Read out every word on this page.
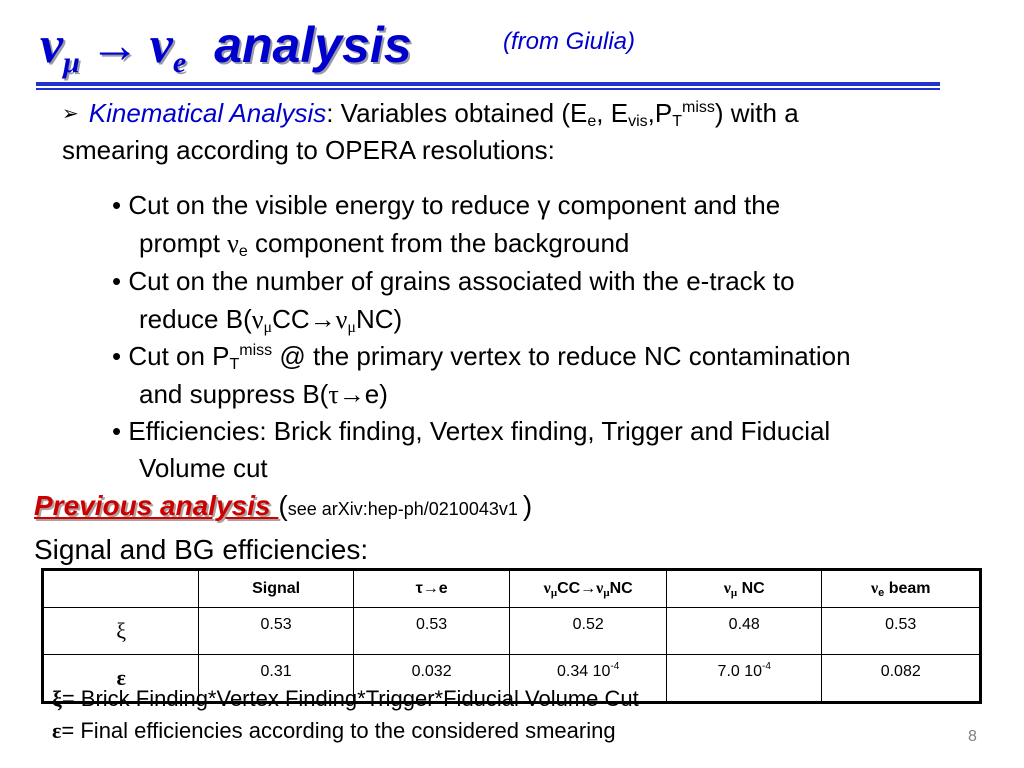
$\nu_\mu \to \nu_e$ analysis	(from Giulia)
➢ Kinematical Analysis: Variables obtained ($E_e$, $E_{vis},P_T^{miss}$) with a
smearing according to OPERA resolutions:
• Cut on the visible energy to reduce γ component and the
prompt $\nu_e$ component from the background
• Cut on the number of grains associated with the e-track to
reduce $B(\nu_\mu CC\to\nu_\mu NC)$
• Cut on $P_T^{miss}$ @ the primary vertex to reduce NC contamination
and suppress B(τ→e)
• Efficiencies: Brick finding, Vertex finding, Trigger and Fiducial
Volume cut
Previous analysis (see arXiv:hep-ph/0210043v1 )
Signal and BG efficiencies:
	Signal	τ→e	$\nu_\mu CC\to\nu_\mu NC$	$\nu_\mu$ NC	$\nu_e$ beam
ξ	0.53	0.53	0.52	0.48	0.53
ε	0.31	0.032	0.34 $10^{-4}$	7.0 $10^{-4}$	0.082
ξ= Brick Finding*Vertex Finding*Trigger*Fiducial Volume Cut
ε= Final efficiencies according to the considered smearing	8
